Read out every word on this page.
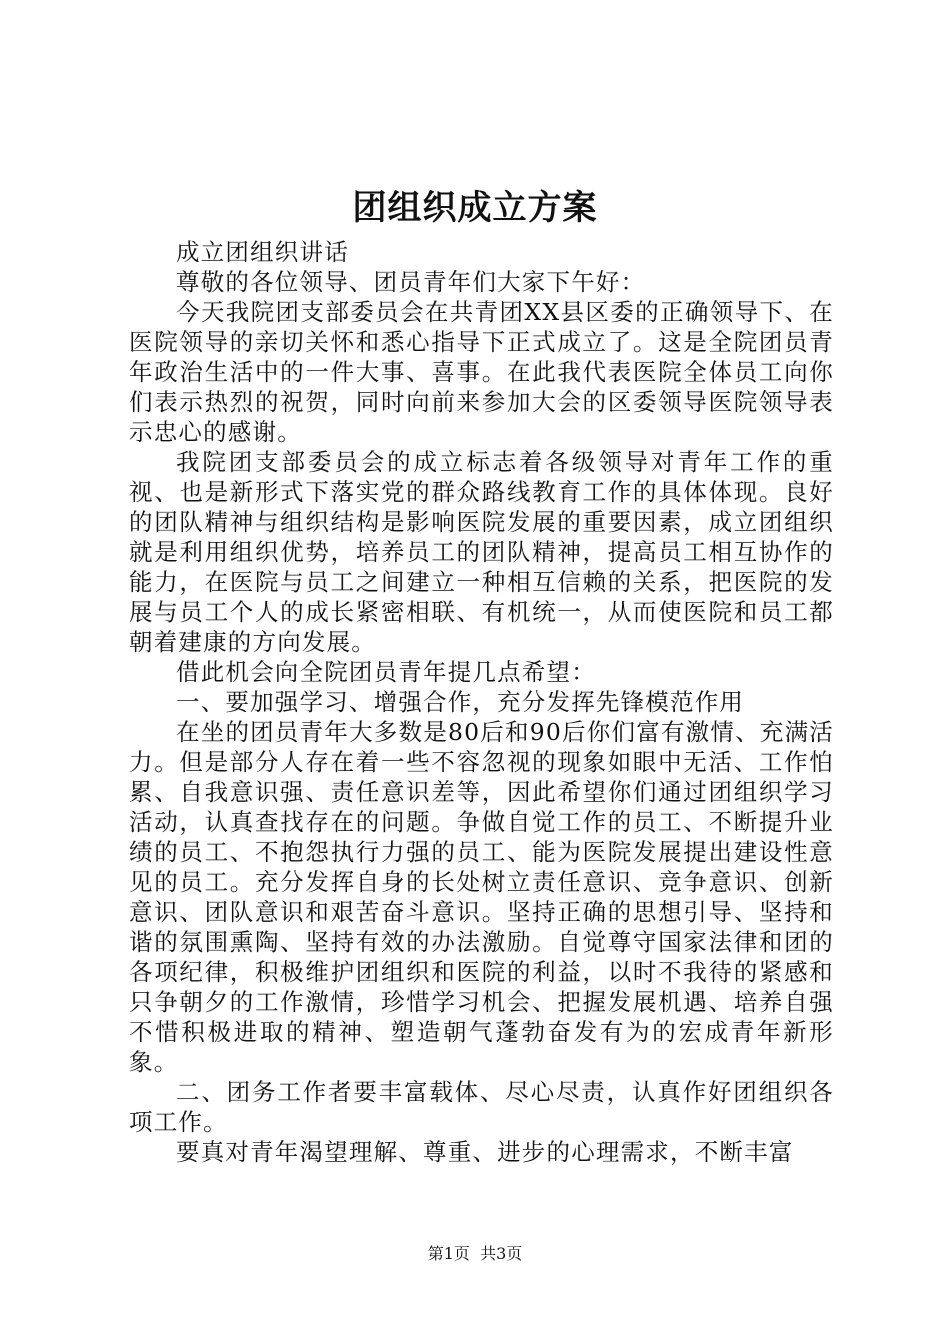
团组织成立方案

成立团组织讲话

尊敬的各位领导、团员青年们大家下午好：

今天我院团支部委员会在共青团XX县区委的正确领导下、在医院领导的亲切关怀和悉心指导下正式成立了。这是全院团员青年政治生活中的一件大事、喜事。在此我代表医院全体员工向你们表示热烈的祝贺，同时向前来参加大会的区委领导医院领导表示忠心的感谢。

我院团支部委员会的成立标志着各级领导对青年工作的重视、也是新形式下落实党的群众路线教育工作的具体体现。良好的团队精神与组织结构是影响医院发展的重要因素，成立团组织就是利用组织优势，培养员工的团队精神，提高员工相互协作的能力，在医院与员工之间建立一种相互信赖的关系，把医院的发展与员工个人的成长紧密相联、有机统一，从而使医院和员工都朝着建康的方向发展。

借此机会向全院团员青年提几点希望：

一、要加强学习、增强合作，充分发挥先锋模范作用

在坐的团员青年大多数是80后和90后你们富有激情、充满活力。但是部分人存在着一些不容忽视的现象如眼中无活、工作怕累、自我意识强、责任意识差等，因此希望你们通过团组织学习活动，认真查找存在的问题。争做自觉工作的员工、不断提升业绩的员工、不抱怨执行力强的员工、能为医院发展提出建设性意见的员工。充分发挥自身的长处树立责任意识、竞争意识、创新意识、团队意识和艰苦奋斗意识。坚持正确的思想引导、坚持和谐的氛围熏陶、坚持有效的办法激励。自觉尊守国家法律和团的各项纪律，积极维护团组织和医院的利益，以时不我待的紧感和只争朝夕的工作激情，珍惜学习机会、把握发展机遇、培养自强不惜积极进取的精神、塑造朝气蓬勃奋发有为的宏成青年新形象。

二、团务工作者要丰富载体、尽心尽责，认真作好团组织各项工作。

要真对青年渴望理解、尊重、进步的心理需求，不断丰富

第1页 共3页
